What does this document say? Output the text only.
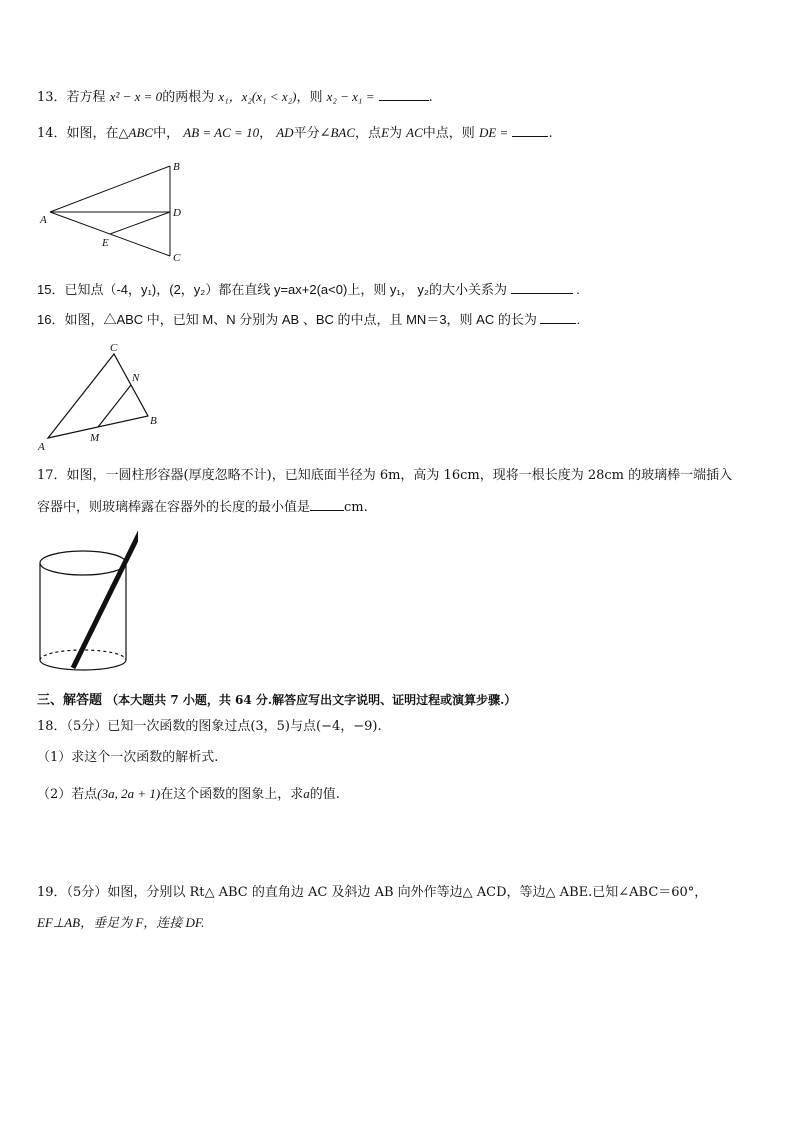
13．若方程 x² − x = 0的两根为 x₁，x₂(x₁ < x₂)，则 x₂ − x₁ =	.
14．如图，在△ABC中， AB = AC = 10， AD平分∠BAC，点E为 AC中点，则 DE =	.
A
B
C
D
E
15．已知点（-4，y₁)，(2，y₂）都在直线 y=ax+2(a<0)上，则 y₁， y₂的大小关系为	.
16．如图，△ABC 中，已知 M、N 分别为 AB 、BC 的中点，且 MN＝3，则 AC 的长为	.
C
N
B
M
A
17．如图，一圆柱形容器(厚度忽略不计)，已知底面半径为 6m，高为 16cm，现将一根长度为 28cm 的玻璃棒一端插入
容器中，则玻璃棒露在容器外的长度的最小值是	cm.
三、解答题 （本大题共 7 小题，共 64 分.解答应写出文字说明、证明过程或演算步骤.）
18．（5分）已知一次函数的图象过点(3，5)与点(−4，−9).
（1）求这个一次函数的解析式.
（2）若点(3a, 2a + 1)在这个函数的图象上，求a的值.
19．（5分）如图，分别以 Rt△ ABC 的直角边 AC 及斜边 AB 向外作等边△ ACD，等边△ ABE.已知∠ABC＝60°，
EF⊥AB，垂足为 F，连接 DF.
